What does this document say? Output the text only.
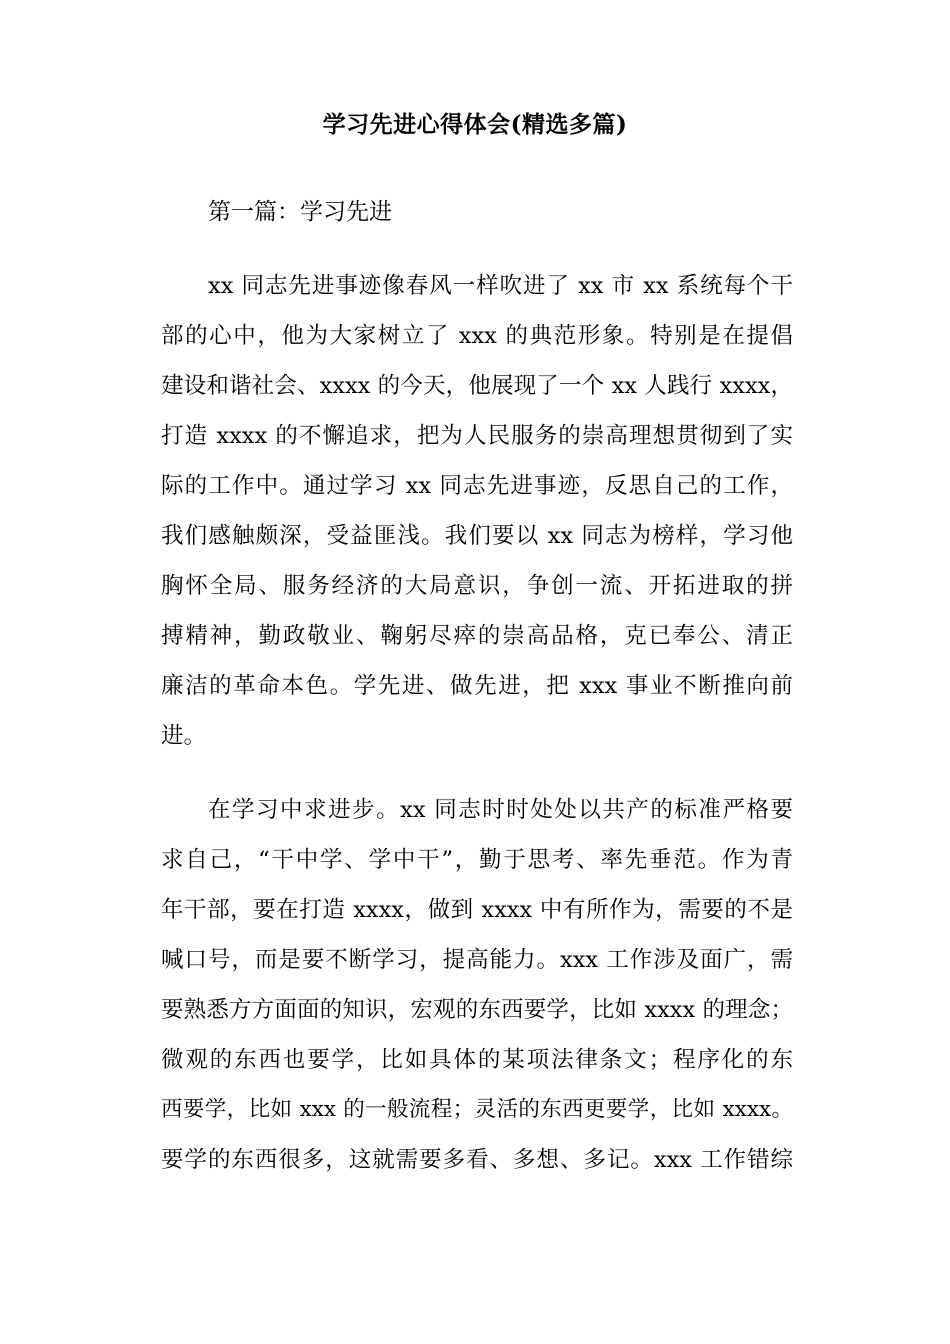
学习先进心得体会(精选多篇)
第一篇：学习先进
xx 同志先进事迹像春风一样吹进了 xx 市 xx 系统每个干
部的心中，他为大家树立了 xxx 的典范形象。特别是在提倡
建设和谐社会、xxxx 的今天，他展现了一个 xx 人践行 xxxx，
打造 xxxx 的不懈追求，把为人民服务的崇高理想贯彻到了实
际的工作中。通过学习 xx 同志先进事迹，反思自己的工作，
我们感触颇深，受益匪浅。我们要以 xx 同志为榜样，学习他
胸怀全局、服务经济的大局意识，争创一流、开拓进取的拼
搏精神，勤政敬业、鞠躬尽瘁的崇高品格，克已奉公、清正
廉洁的革命本色。学先进、做先进，把 xxx 事业不断推向前
进。
在学习中求进步。xx 同志时时处处以共产的标准严格要
求自己，“干中学、学中干”，勤于思考、率先垂范。作为青
年干部，要在打造 xxxx，做到 xxxx 中有所作为，需要的不是
喊口号，而是要不断学习，提高能力。xxx 工作涉及面广，需
要熟悉方方面面的知识，宏观的东西要学，比如 xxxx 的理念；
微观的东西也要学，比如具体的某项法律条文；程序化的东
西要学，比如 xxx 的一般流程；灵活的东西更要学，比如 xxxx。
要学的东西很多，这就需要多看、多想、多记。xxx 工作错综
